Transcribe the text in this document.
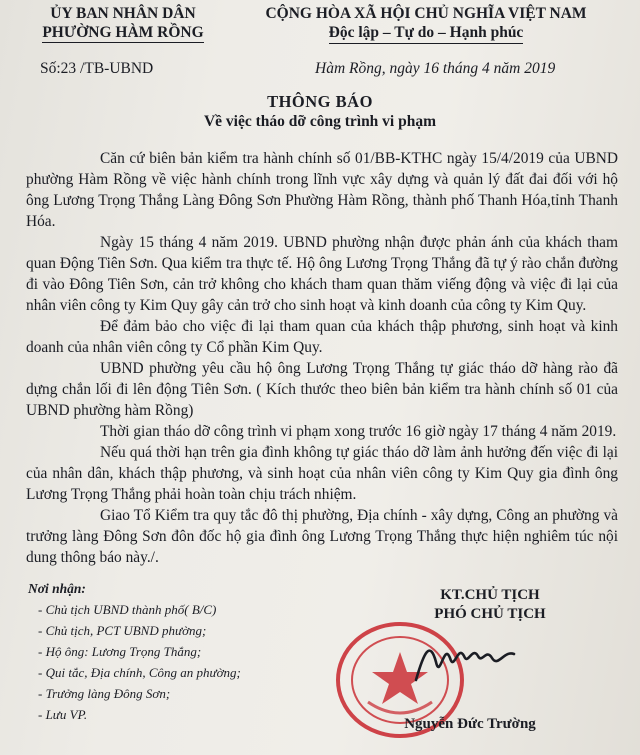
ỦY BAN NHÂN DÂN
PHƯỜNG HÀM RỒNG
CỘNG HÒA XÃ HỘI CHỦ NGHĨA VIỆT NAM
Độc lập – Tự do – Hạnh phúc
Số:23 /TB-UBND	Hàm Rồng, ngày 16 tháng 4 năm 2019
THÔNG BÁO
Về việc tháo dỡ công trình vi phạm

Căn cứ biên bản kiểm tra hành chính số 01/BB-KTHC ngày 15/4/2019 của UBND phường Hàm Rồng về việc hành chính trong lĩnh vực xây dựng và quản lý đất đai đối với hộ ông Lương Trọng Thắng Làng Đông Sơn Phường Hàm Rồng, thành phố Thanh Hóa,tỉnh Thanh Hóa.

Ngày 15 tháng 4 năm 2019. UBND phường nhận được phản ánh của khách tham quan Động Tiên Sơn. Qua kiểm tra thực tế. Hộ ông Lương Trọng Thắng đã tự ý rào chắn đường đi vào Đông Tiên Sơn, cản trở không cho khách tham quan thăm viếng động và việc đi lại của nhân viên công ty Kim Quy gây cản trở cho sinh hoạt và kinh doanh của công ty Kim Quy.

Để đảm bảo cho việc đi lại tham quan của khách thập phương, sinh hoạt và kinh doanh của nhân viên công ty Cổ phần Kim Quy.

UBND phường yêu cầu hộ ông Lương Trọng Thắng tự giác tháo dỡ hàng rào đã dựng chắn lối đi lên động Tiên Sơn. ( Kích thước theo biên bản kiểm tra hành chính số 01 của UBND phường hàm Rồng)

Thời gian tháo dỡ công trình vi phạm xong trước 16 giờ ngày 17 tháng 4 năm 2019.

Nếu quá thời hạn trên gia đình không tự giác tháo dỡ làm ảnh hưởng đến việc đi lại của nhân dân, khách thập phương, và sinh hoạt của nhân viên công ty Kim Quy gia đình ông Lương Trọng Thắng phải hoàn toàn chịu trách nhiệm.

Giao Tổ Kiểm tra quy tắc đô thị phường, Địa chính - xây dựng, Công an phường và trưởng làng Đông Sơn đôn đốc hộ gia đình ông Lương Trọng Thắng thực hiện nghiêm túc nội dung thông báo này./.

Nơi nhận:
- Chủ tịch UBND thành phố( B/C)
- Chủ tịch, PCT UBND phường;
- Hộ ông: Lương Trọng Thắng;
- Qui tắc, Địa chính, Công an phường;
- Trưởng làng Đông Sơn;
- Lưu VP.
KT.CHỦ TỊCH
PHÓ CHỦ TỊCH
Nguyễn Đức Trường
